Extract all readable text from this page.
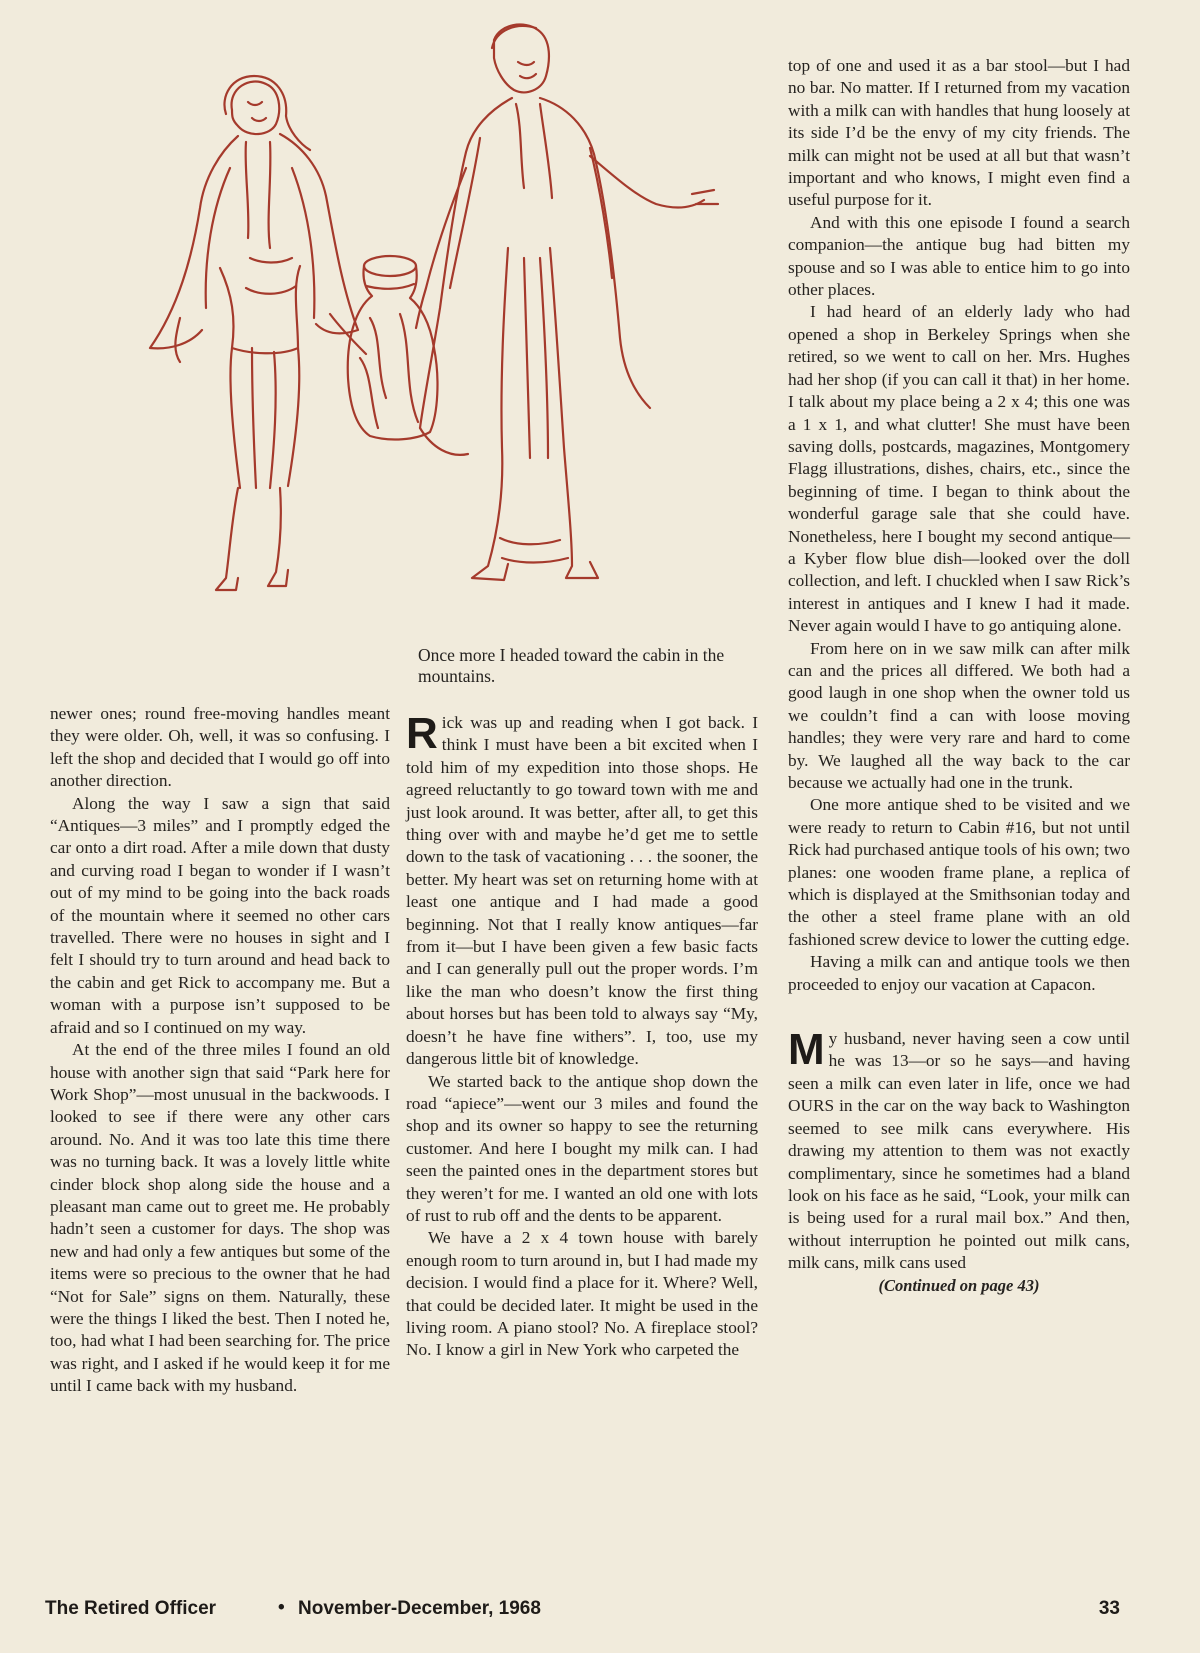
Once more I headed toward the cabin in the mountains.

newer ones; round free-moving handles meant they were older. Oh, well, it was so confusing. I left the shop and decided that I would go off into another direction.

Along the way I saw a sign that said “Antiques—3 miles” and I promptly edged the car onto a dirt road. After a mile down that dusty and curving road I began to wonder if I wasn’t out of my mind to be going into the back roads of the mountain where it seemed no other cars travelled. There were no houses in sight and I felt I should try to turn around and head back to the cabin and get Rick to accompany me. But a woman with a purpose isn’t supposed to be afraid and so I continued on my way.

At the end of the three miles I found an old house with another sign that said “Park here for Work Shop”—most unusual in the backwoods. I looked to see if there were any other cars around. No. And it was too late this time there was no turning back. It was a lovely little white cinder block shop along side the house and a pleasant man came out to greet me. He probably hadn’t seen a customer for days. The shop was new and had only a few antiques but some of the items were so precious to the owner that he had “Not for Sale” signs on them. Naturally, these were the things I liked the best. Then I noted he, too, had what I had been searching for. The price was right, and I asked if he would keep it for me until I came back with my husband.

Rick was up and reading when I got back. I think I must have been a bit excited when I told him of my expedition into those shops. He agreed reluctantly to go toward town with me and just look around. It was better, after all, to get this thing over with and maybe he’d get me to settle down to the task of vacationing . . . the sooner, the better. My heart was set on returning home with at least one antique and I had made a good beginning. Not that I really know antiques—far from it—but I have been given a few basic facts and I can generally pull out the proper words. I’m like the man who doesn’t know the first thing about horses but has been told to always say “My, doesn’t he have fine withers”. I, too, use my dangerous little bit of knowledge.

We started back to the antique shop down the road “apiece”—went our 3 miles and found the shop and its owner so happy to see the returning customer. And here I bought my milk can. I had seen the painted ones in the department stores but they weren’t for me. I wanted an old one with lots of rust to rub off and the dents to be apparent.

We have a 2 x 4 town house with barely enough room to turn around in, but I had made my decision. I would find a place for it. Where? Well, that could be decided later. It might be used in the living room. A piano stool? No. A fireplace stool? No. I know a girl in New York who carpeted the

top of one and used it as a bar stool—but I had no bar. No matter. If I returned from my vacation with a milk can with handles that hung loosely at its side I’d be the envy of my city friends. The milk can might not be used at all but that wasn’t important and who knows, I might even find a useful purpose for it.

And with this one episode I found a search companion—the antique bug had bitten my spouse and so I was able to entice him to go into other places.

I had heard of an elderly lady who had opened a shop in Berkeley Springs when she retired, so we went to call on her. Mrs. Hughes had her shop (if you can call it that) in her home. I talk about my place being a 2 x 4; this one was a 1 x 1, and what clutter! She must have been saving dolls, postcards, magazines, Montgomery Flagg illustrations, dishes, chairs, etc., since the beginning of time. I began to think about the wonderful garage sale that she could have. Nonetheless, here I bought my second antique—a Kyber flow blue dish—looked over the doll collection, and left. I chuckled when I saw Rick’s interest in antiques and I knew I had it made. Never again would I have to go antiquing alone.

From here on in we saw milk can after milk can and the prices all differed. We both had a good laugh in one shop when the owner told us we couldn’t find a can with loose moving handles; they were very rare and hard to come by. We laughed all the way back to the car because we actually had one in the trunk.

One more antique shed to be visited and we were ready to return to Cabin #16, but not until Rick had purchased antique tools of his own; two planes: one wooden frame plane, a replica of which is displayed at the Smithsonian today and the other a steel frame plane with an old fashioned screw device to lower the cutting edge.

Having a milk can and antique tools we then proceeded to enjoy our vacation at Capacon.

My husband, never having seen a cow until he was 13—or so he says—and having seen a milk can even later in life, once we had OURS in the car on the way back to Washington seemed to see milk cans everywhere. His drawing my attention to them was not exactly complimentary, since he sometimes had a bland look on his face as he said, “Look, your milk can is being used for a rural mail box.” And then, without interruption he pointed out milk cans, milk cans, milk cans used

(Continued on page 43)

The Retired Officer	• November-December, 1968	33
